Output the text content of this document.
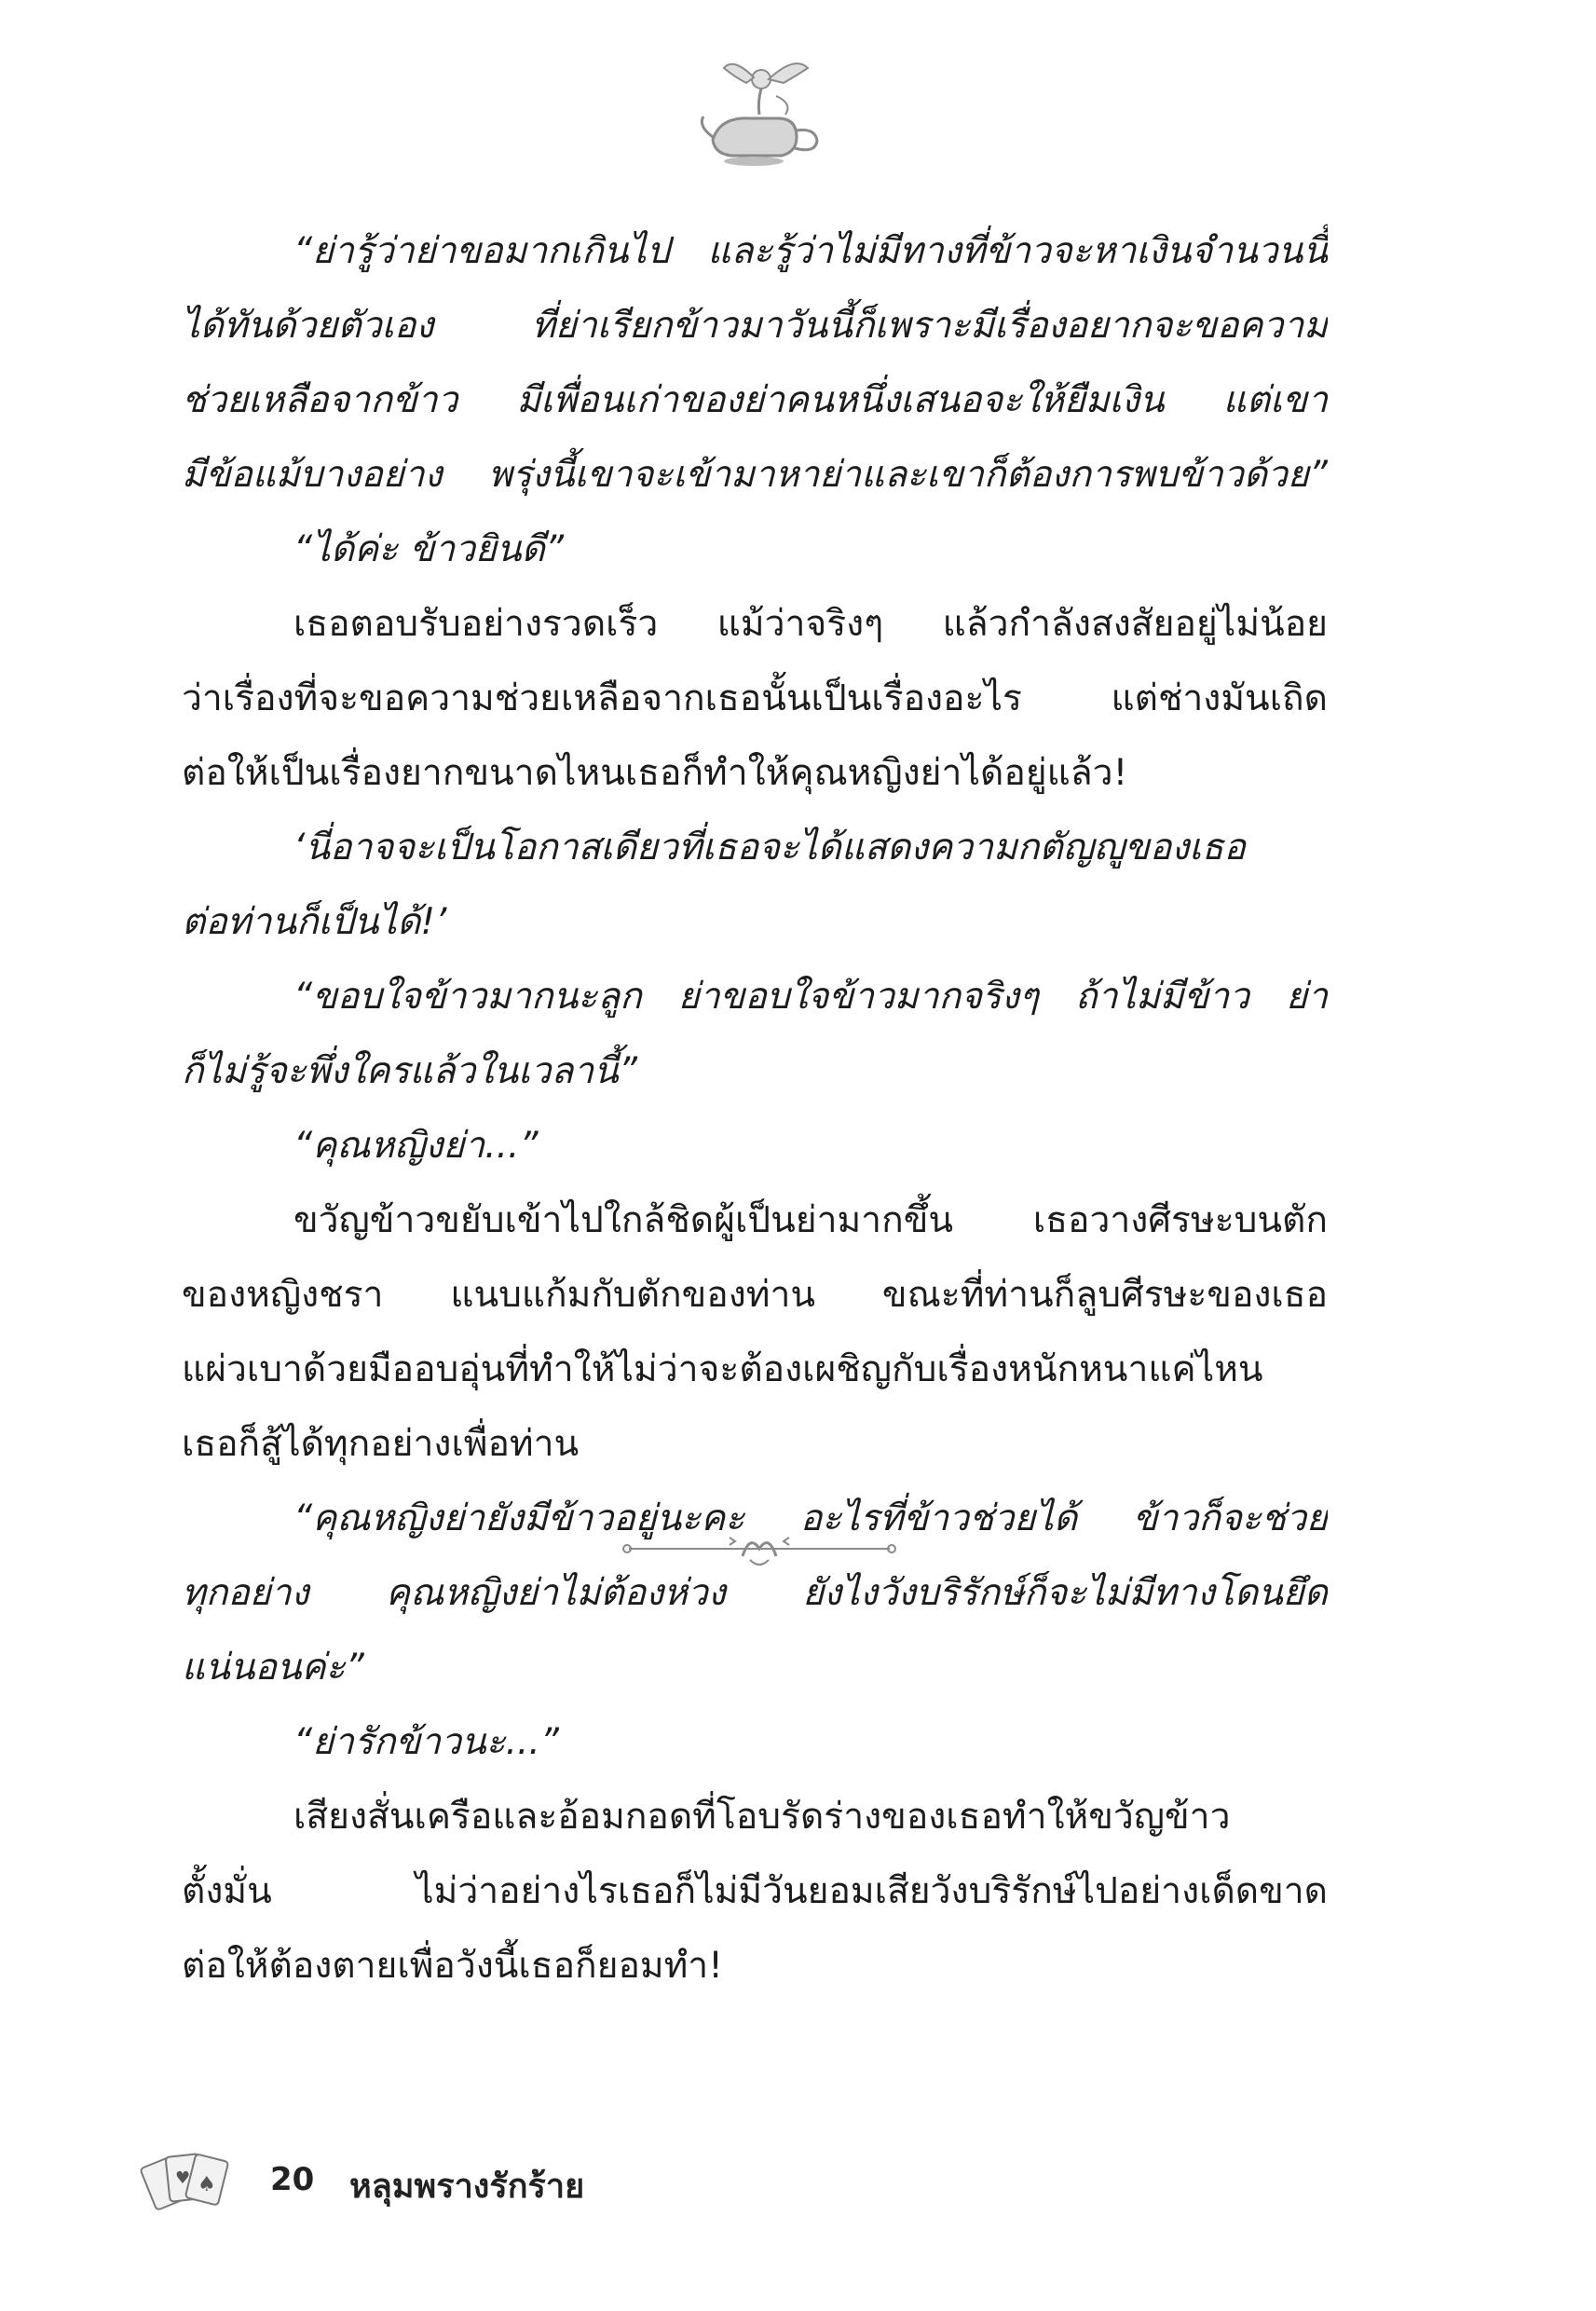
“ย่ารู้ว่าย่าขอมากเกินไป และรู้ว่าไม่มีทางที่ข้าวจะหาเงินจำนวนนี้
ได้ทันด้วยตัวเอง ที่ย่าเรียกข้าวมาวันนี้ก็เพราะมีเรื่องอยากจะขอความ
ช่วยเหลือจากข้าว มีเพื่อนเก่าของย่าคนหนึ่งเสนอจะให้ยืมเงิน แต่เขา
มีข้อแม้บางอย่าง พรุ่งนี้เขาจะเข้ามาหาย่าและเขาก็ต้องการพบข้าวด้วย”
“ได้ค่ะ ข้าวยินดี”
เธอตอบรับอย่างรวดเร็ว แม้ว่าจริงๆ แล้วกำลังสงสัยอยู่ไม่น้อย
ว่าเรื่องที่จะขอความช่วยเหลือจากเธอนั้นเป็นเรื่องอะไร แต่ช่างมันเถิด
ต่อให้เป็นเรื่องยากขนาดไหนเธอก็ทำให้คุณหญิงย่าได้อยู่แล้ว!
‘นี่อาจจะเป็นโอกาสเดียวที่เธอจะได้แสดงความกตัญญูของเธอ
ต่อท่านก็เป็นได้!’
“ขอบใจข้าวมากนะลูก ย่าขอบใจข้าวมากจริงๆ ถ้าไม่มีข้าว ย่า
ก็ไม่รู้จะพึ่งใครแล้วในเวลานี้”
“คุณหญิงย่า...”
ขวัญข้าวขยับเข้าไปใกล้ชิดผู้เป็นย่ามากขึ้น เธอวางศีรษะบนตัก
ของหญิงชรา แนบแก้มกับตักของท่าน ขณะที่ท่านก็ลูบศีรษะของเธอ
แผ่วเบาด้วยมืออบอุ่นที่ทำให้ไม่ว่าจะต้องเผชิญกับเรื่องหนักหนาแค่ไหน
เธอก็สู้ได้ทุกอย่างเพื่อท่าน
“คุณหญิงย่ายังมีข้าวอยู่นะคะ อะไรที่ข้าวช่วยได้ ข้าวก็จะช่วย
ทุกอย่าง คุณหญิงย่าไม่ต้องห่วง ยังไงวังบริรักษ์ก็จะไม่มีทางโดนยึด
แน่นอนค่ะ”
“ย่ารักข้าวนะ...”
เสียงสั่นเครือและอ้อมกอดที่โอบรัดร่างของเธอทำให้ขวัญข้าว
ตั้งมั่น ไม่ว่าอย่างไรเธอก็ไม่มีวันยอมเสียวังบริรักษ์ไปอย่างเด็ดขาด
ต่อให้ต้องตายเพื่อวังนี้เธอก็ยอมทำ!
♠
♥	20 หลุมพรางรักร้าย
